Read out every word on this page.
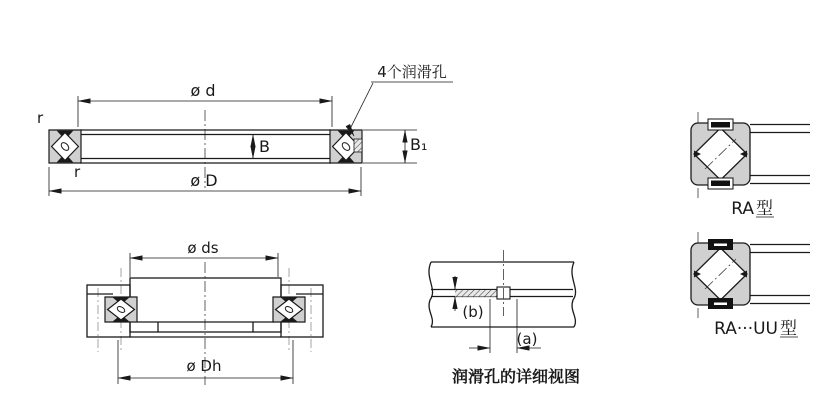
ø d
ø D
B	B₁
r
r
4个润滑孔
ø ds
ø Dh
(a)
(b)
润滑孔的详细视图
RA 型
RA···UU 型
